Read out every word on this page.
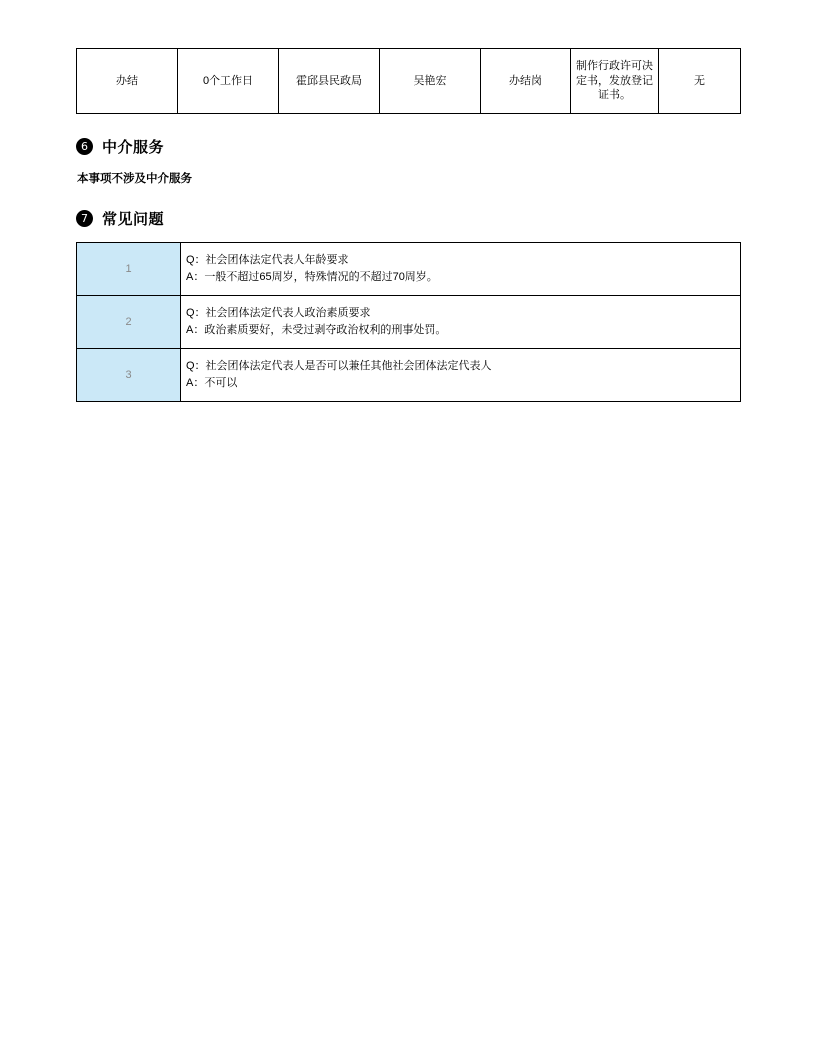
办结	0个工作日	霍邱县民政局	吴艳宏	办结岗	制作行政许可决定书，发放登记证书。	无
6 中介服务
本事项不涉及中介服务
7 常见问题
1	Q：社会团体法定代表人年龄要求
A：一般不超过65周岁，特殊情况的不超过70周岁。

2	Q：社会团体法定代表人政治素质要求
A：政治素质要好，未受过剥夺政治权利的刑事处罚。

3	Q：社会团体法定代表人是否可以兼任其他社会团体法定代表人
A：不可以
